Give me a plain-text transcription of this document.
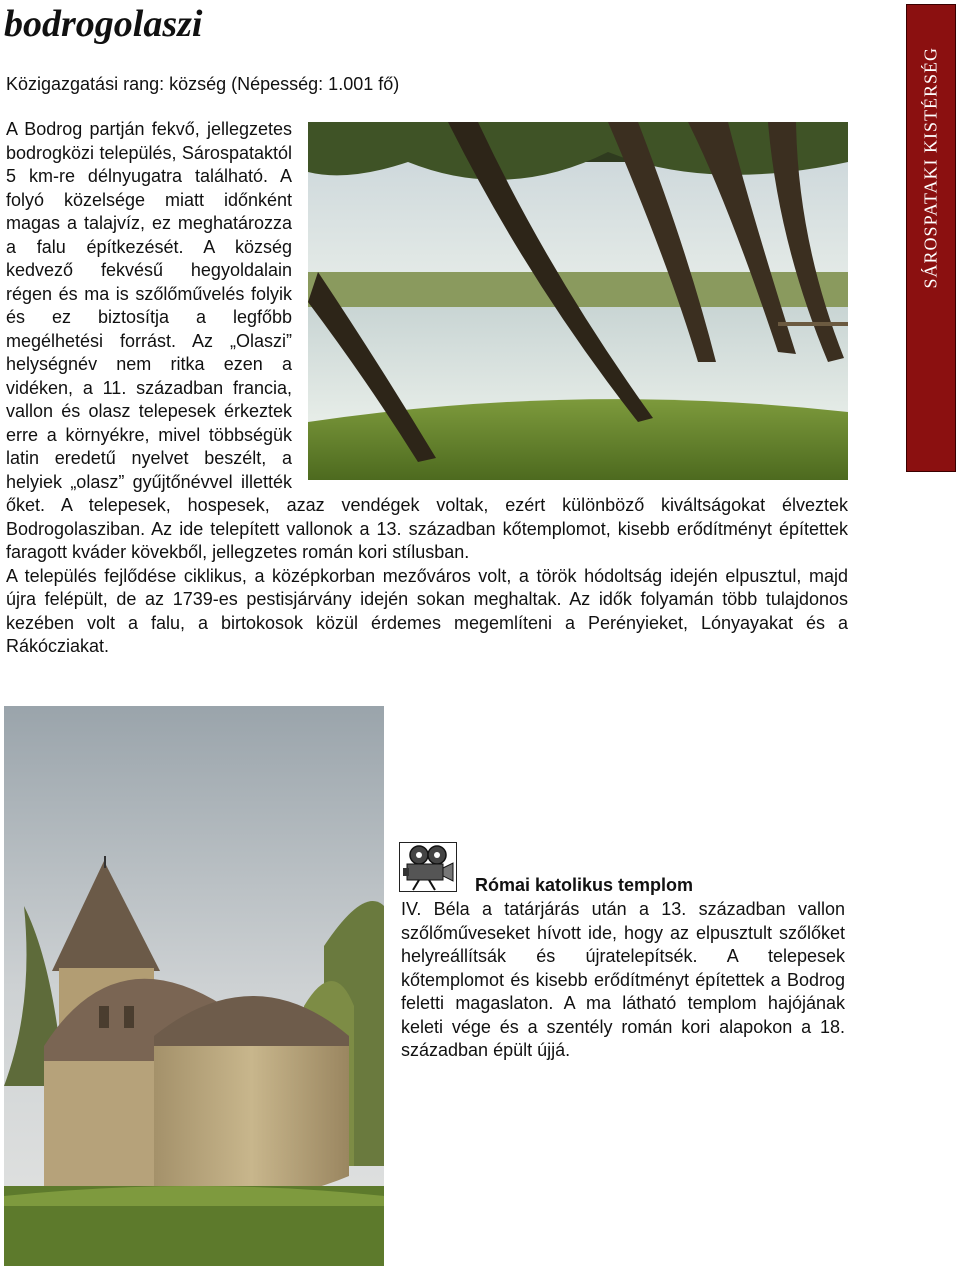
bodrogolaszi
Közigazgatási rang: község (Népesség: 1.001 fő)	SÁROSPATAKI KISTÉRSÉG
A Bodrog partján fekvő, jellegzetes bodrogközi település, Sárospataktól 5 km-re délnyugatra található. A folyó közelsége miatt időnként magas a talajvíz, ez meghatározza a falu építkezését. A község kedvező fekvésű hegyoldalain régen és ma is szőlőművelés folyik és ez biztosítja a legfőbb megélhetési forrást. Az „Olaszi” helységnév nem ritka ezen a vidéken, a 11. században francia, vallon és olasz telepesek érkeztek erre a környékre, mivel többségük latin eredetű nyelvet beszélt, a helyiek „olasz” gyűjtőnévvel illették őket. A telepesek, hospesek, azaz vendégek voltak, ezért különböző kiváltságokat élveztek Bodrogolasziban. Az ide telepített vallonok a 13. században kőtemplomot, kisebb erődítményt építettek faragott kváder kövekből, jellegzetes román kori stílusban.
A település fejlődése ciklikus, a középkorban mezőváros volt, a török hódoltság idején elpusztul, majd újra felépült, de az 1739-es pestisjárvány idején sokan meghaltak. Az idők folyamán több tulajdonos kezében volt a falu, a birtokosok közül érdemes megemlíteni a Perényieket, Lónyayakat és a Rákócziakat.
Római katolikus templom
IV. Béla a tatárjárás után a 13. században vallon szőlőműveseket hívott ide, hogy az elpusztult szőlőket helyreállítsák és újratelepítsék. A telepesek kőtemplomot és kisebb erődítményt építettek a Bodrog feletti magaslaton. A ma látható templom hajójának keleti vége és a szentély román kori alapokon a 18. században épült újjá.
